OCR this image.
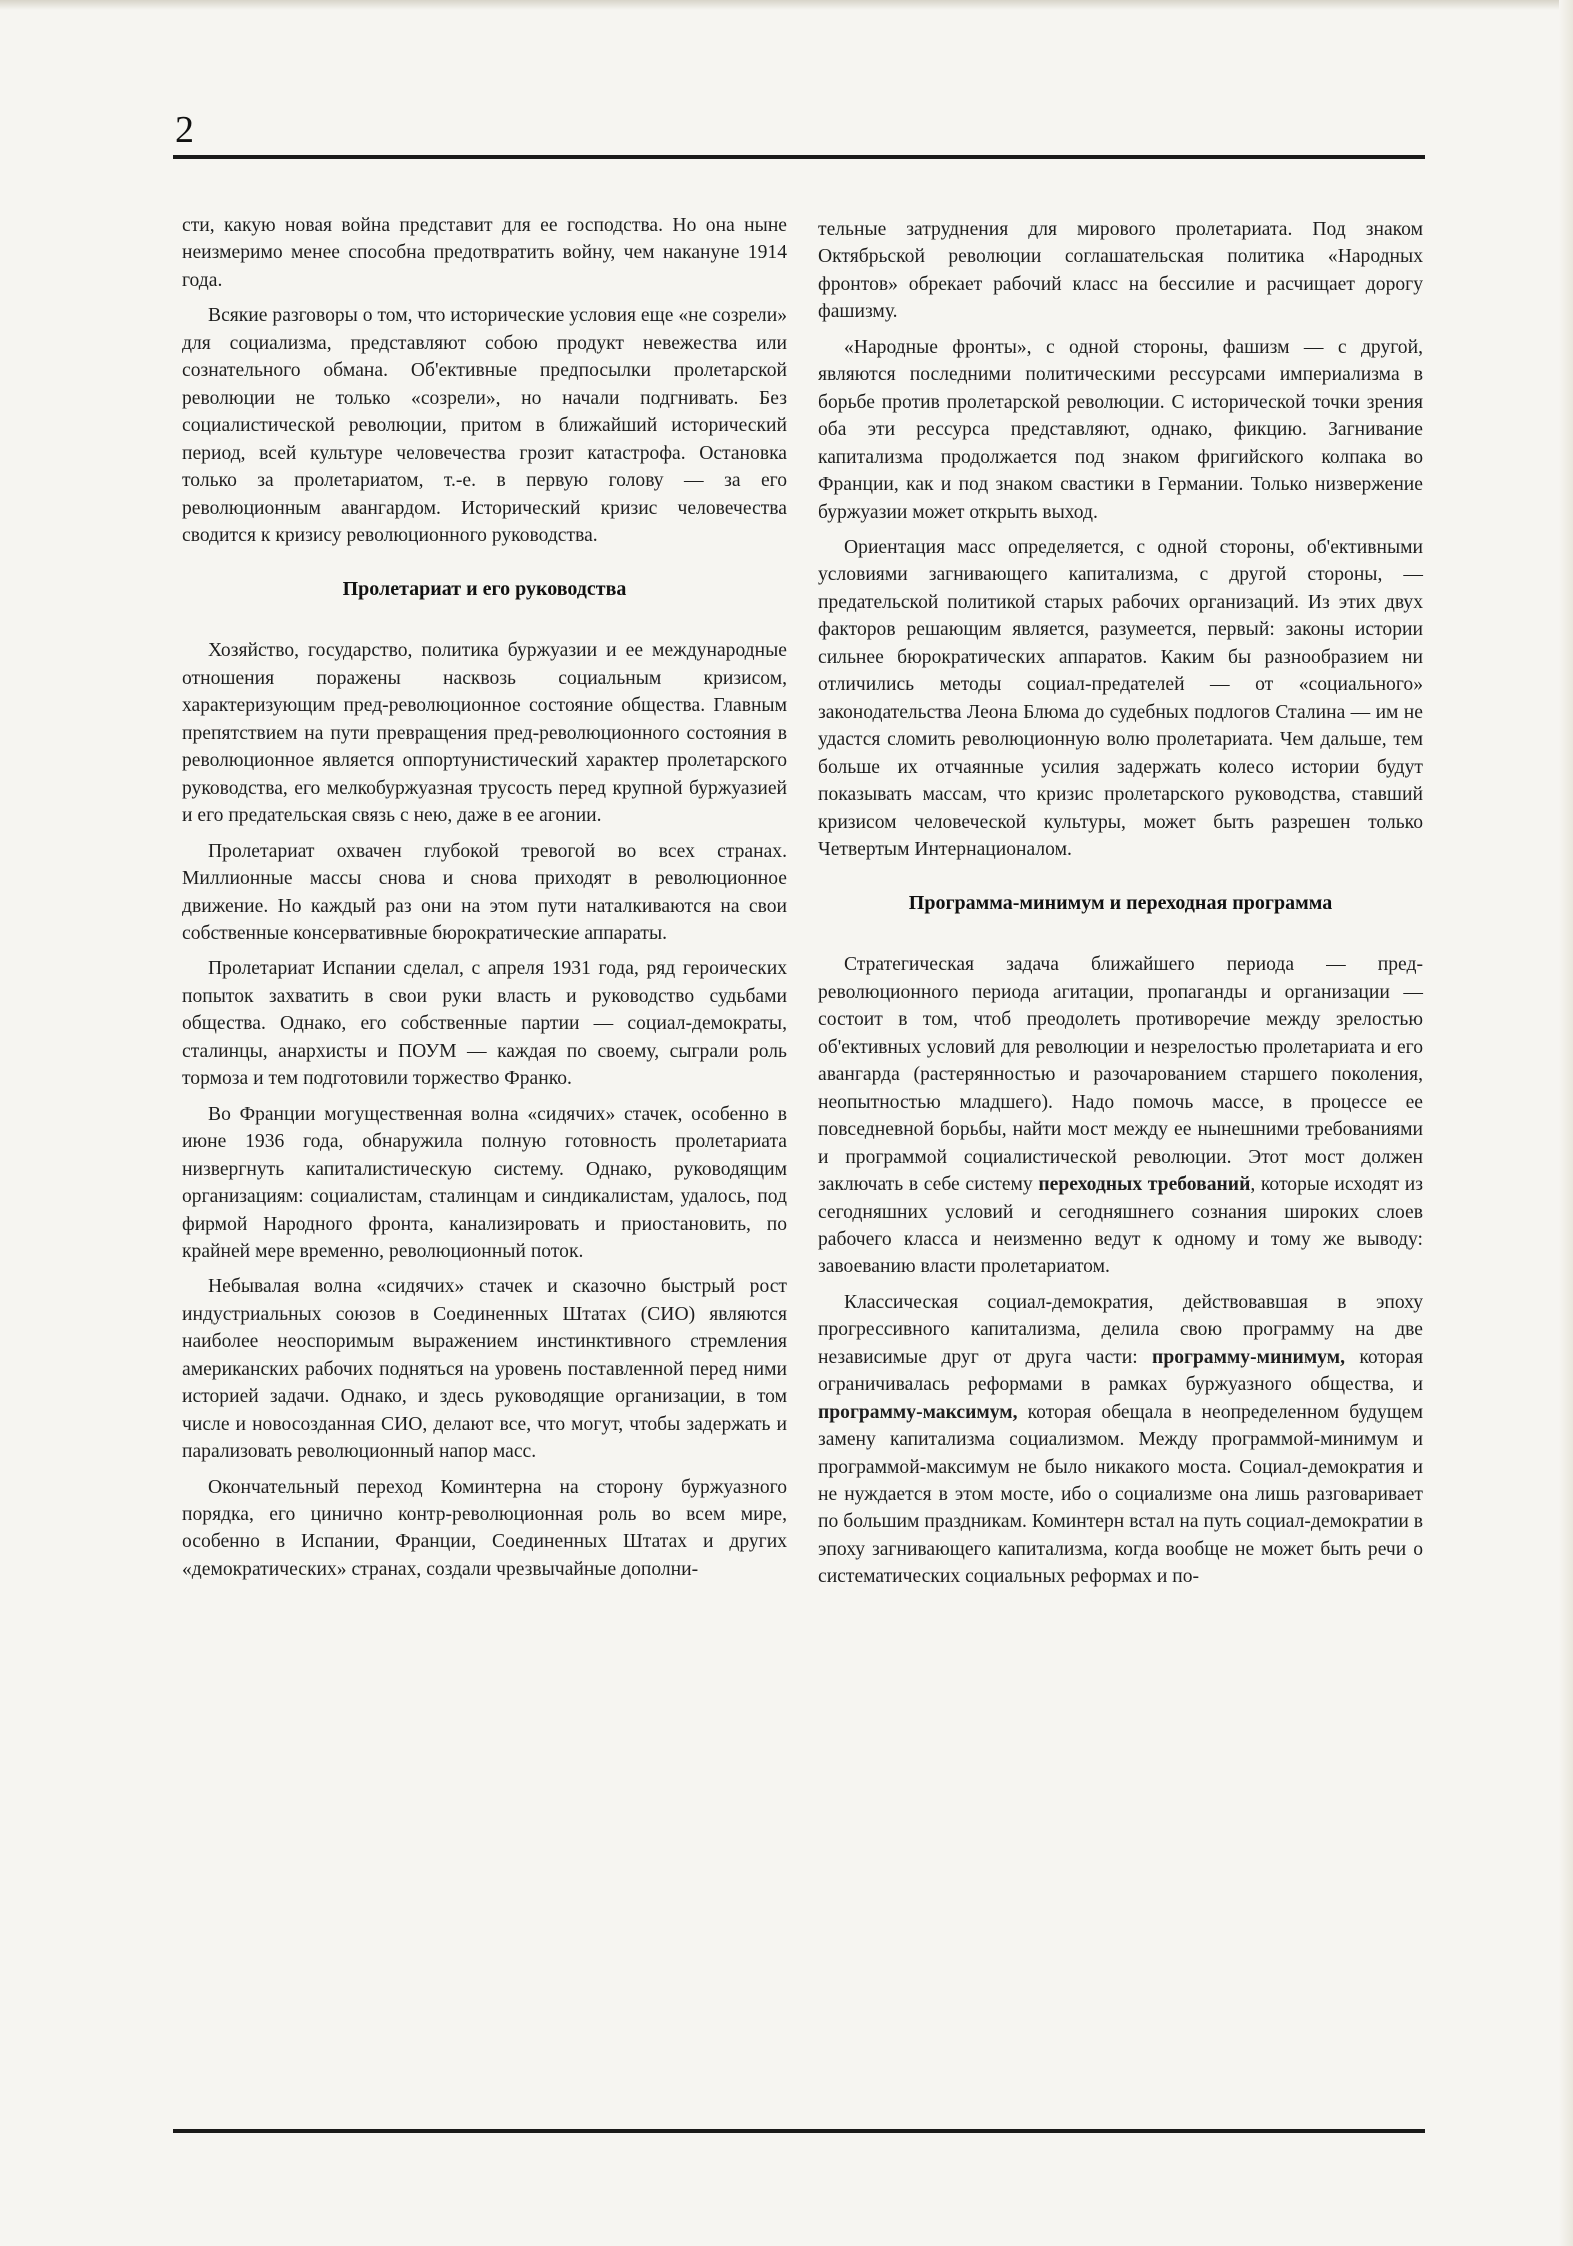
2

сти, какую новая война представит для ее господства. Но она ныне неизмеримо менее способна предотвратить войну, чем накануне 1914 года.

Всякие разговоры о том, что исторические условия еще «не созрели» для социализма, представляют собою продукт невежества или сознательного обмана. Об'ективные предпосылки пролетарской революции не только «созрели», но начали подгнивать. Без социалистической революции, притом в ближайший исторический период, всей культуре человечества грозит катастрофа. Остановка только за пролетариатом, т.-е. в первую голову — за его революционным авангардом. Исторический кризис человечества сводится к кризису революционного руководства.

Пролетариат и его руководства

Хозяйство, государство, политика буржуазии и ее международные отношения поражены насквозь социальным кризисом, характеризующим пред-революционное состояние общества. Главным препятствием на пути превращения пред-революционного состояния в революционное является оппортунистический характер пролетарского руководства, его мелкобуржуазная трусость перед крупной буржуазией и его предательская связь с нею, даже в ее агонии.

Пролетариат охвачен глубокой тревогой во всех странах. Миллионные массы снова и снова приходят в революционное движение. Но каждый раз они на этом пути наталкиваются на свои собственные консервативные бюрократические аппараты.

Пролетариат Испании сделал, с апреля 1931 года, ряд героических попыток захватить в свои руки власть и руководство судьбами общества. Однако, его собственные партии — социал-демократы, сталинцы, анархисты и ПОУМ — каждая по своему, сыграли роль тормоза и тем подготовили торжество Франко.

Во Франции могущественная волна «сидячих» стачек, особенно в июне 1936 года, обнаружила полную готовность пролетариата низвергнуть капиталистическую систему. Однако, руководящим организациям: социалистам, сталинцам и синдикалистам, удалось, под фирмой Народного фронта, канализировать и приостановить, по крайней мере временно, революционный поток.

Небывалая волна «сидячих» стачек и сказочно быстрый рост индустриальных союзов в Соединенных Штатах (СИО) являются наиболее неоспоримым выражением инстинктивного стремления американских рабочих подняться на уровень поставленной перед ними историей задачи. Однако, и здесь руководящие организации, в том числе и новосозданная СИО, делают все, что могут, чтобы задержать и парализовать революционный напор масс.

Окончательный переход Коминтерна на сторону буржуазного порядка, его цинично контр-революционная роль во всем мире, особенно в Испании, Франции, Соединенных Штатах и других «демократических» странах, создали чрезвычайные дополни-

тельные затруднения для мирового пролетариата. Под знаком Октябрьской революции соглашательская политика «Народных фронтов» обрекает рабочий класс на бессилие и расчищает дорогу фашизму.

«Народные фронты», с одной стороны, фашизм — с другой, являются последними политическими рессурсами империализма в борьбе против пролетарской революции. С исторической точки зрения оба эти рессурса представляют, однако, фикцию. Загнивание капитализма продолжается под знаком фригийского колпака во Франции, как и под знаком свастики в Германии. Только низвержение буржуазии может открыть выход.

Ориентация масс определяется, с одной стороны, об'ективными условиями загнивающего капитализма, с другой стороны, — предательской политикой старых рабочих организаций. Из этих двух факторов решающим является, разумеется, первый: законы истории сильнее бюрократических аппаратов. Каким бы разнообразием ни отличились методы социал-предателей — от «социального» законодательства Леона Блюма до судебных подлогов Сталина — им не удастся сломить революционную волю пролетариата. Чем дальше, тем больше их отчаянные усилия задержать колесо истории будут показывать массам, что кризис пролетарского руководства, ставший кризисом человеческой культуры, может быть разрешен только Четвертым Интернационалом.

Программа-минимум и переходная программа

Стратегическая задача ближайшего периода — пред-революционного периода агитации, пропаганды и организации — состоит в том, чтоб преодолеть противоречие между зрелостью об'ективных условий для революции и незрелостью пролетариата и его авангарда (растерянностью и разочарованием старшего поколения, неопытностью младшего). Надо помочь массе, в процессе ее повседневной борьбы, найти мост между ее нынешними требованиями и программой социалистической революции. Этот мост должен заключать в себе систему переходных требований, которые исходят из сегодняшних условий и сегодняшнего сознания широких слоев рабочего класса и неизменно ведут к одному и тому же выводу: завоеванию власти пролетариатом.

Классическая социал-демократия, действовавшая в эпоху прогрессивного капитализма, делила свою программу на две независимые друг от друга части: программу-минимум, которая ограничивалась реформами в рамках буржуазного общества, и программу-максимум, которая обещала в неопределенном будущем замену капитализма социализмом. Между программой-минимум и программой-максимум не было никакого моста. Социал-демократия и не нуждается в этом мосте, ибо о социализме она лишь разговаривает по большим праздникам. Коминтерн встал на путь социал-демократии в эпоху загнивающего капитализма, когда вообще не может быть речи о систематических социальных реформах и по-
